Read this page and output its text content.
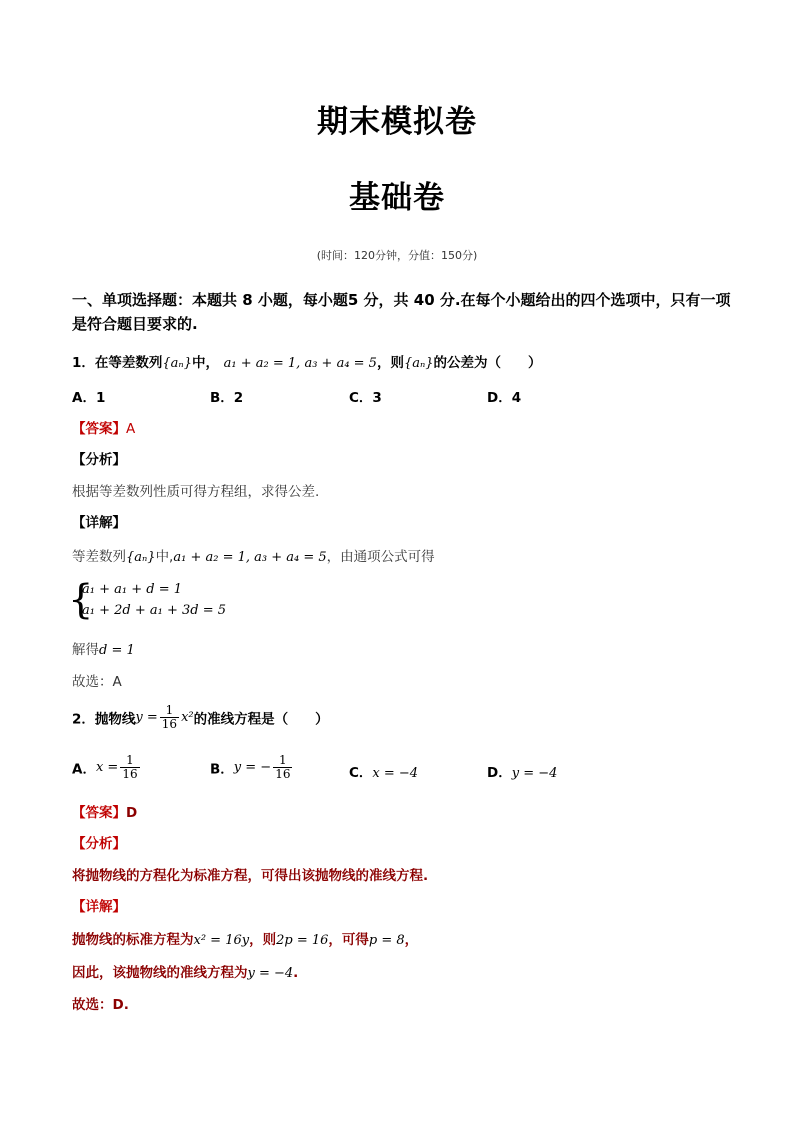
期末模拟卷
基础卷
(时间：120分钟，分值：150分)
一、单项选择题：本题共 8 小题，每小题5 分，共 40 分.在每个小题给出的四个选项中，只有一项是符合题目要求的.
1．在等差数列{aₙ}中， a₁ + a₂ = 1, a₃ + a₄ = 5，则{aₙ}的公差为（　　）
A．1	B．2	C．3	D．4
【答案】A
【分析】
根据等差数列性质可得方程组，求得公差.
【详解】
等差数列{aₙ}中,a₁ + a₂ = 1, a₃ + a₄ = 5，由通项公式可得
{
a₁ + a₁ + d = 1
a₁ + 2d + a₁ + 3d = 5
解得d = 1
故选：A
2．抛物线$y = \frac{1}{16} x^2$的准线方程是（　　）
A．$x = \frac{1}{16}$	B．y = − $\frac{1}{16}$	C．x = −4	D．y = −4
【答案】D
【分析】
将抛物线的方程化为标准方程，可得出该抛物线的准线方程.
【详解】
抛物线的标准方程为x² = 16y，则2p = 16，可得p = 8，
因此，该抛物线的准线方程为y = −4.
故选：D.
